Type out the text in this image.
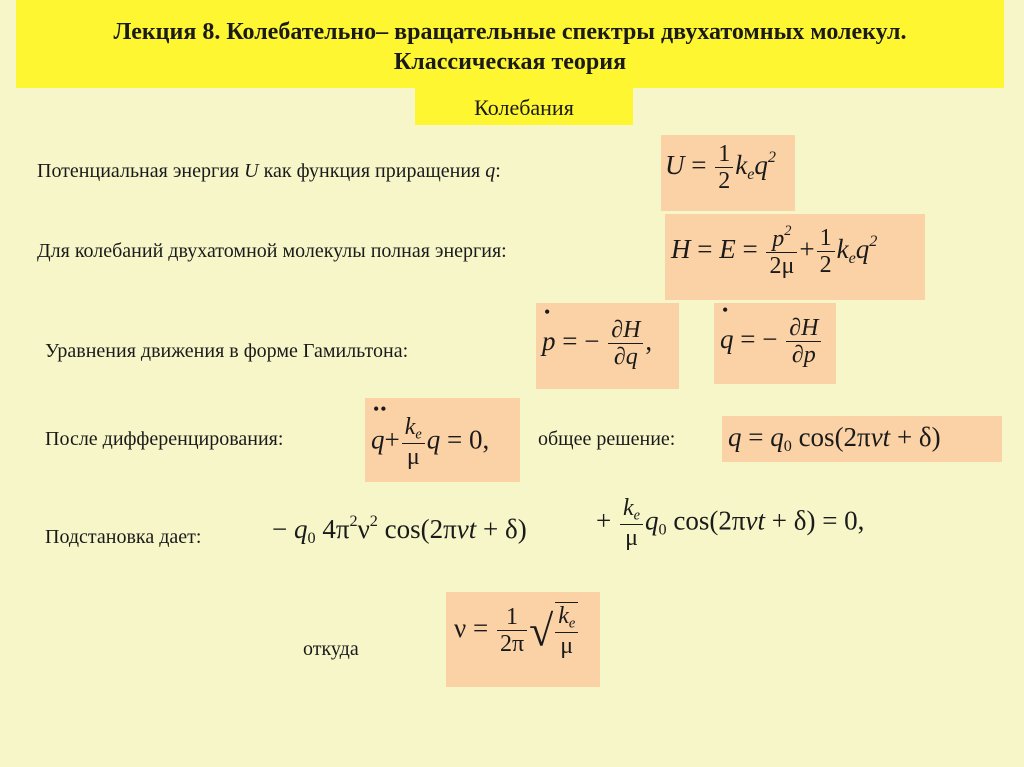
Лекция 8. Колебательно– вращательные спектры двухатомных молекул.
Классическая теория
Колебания
Потенциальная энергия U как функция приращения q:	$U = \frac{1}{2} k_eq^2$
Для колебаний двухатомной молекулы полная энергия:	$H = E = \frac{p^2}{2\mu} + \frac{1}{2} k_eq^2$
Уравнения движения в форме Гамильтона:
•
p = − $\frac{\partial H}{\partial q}$ ,
•
q = − $\frac{\partial H}{\partial p}$
После дифференцирования:
••
$q+ \frac{k_e}{\mu}$ q = 0,	общее решение: $q = q_0$ cos(2πνt + δ)
Подстановка дает:	− $q_0$ $4\pi^2\nu^2$ cos(2πνt + δ)	+ $\frac{k_e}{\mu} q_0$ cos(2πνt + δ) = 0,
откуда
$\nu = \frac{1}{2\pi}$ √ $\frac{k_e}{\mu}$
